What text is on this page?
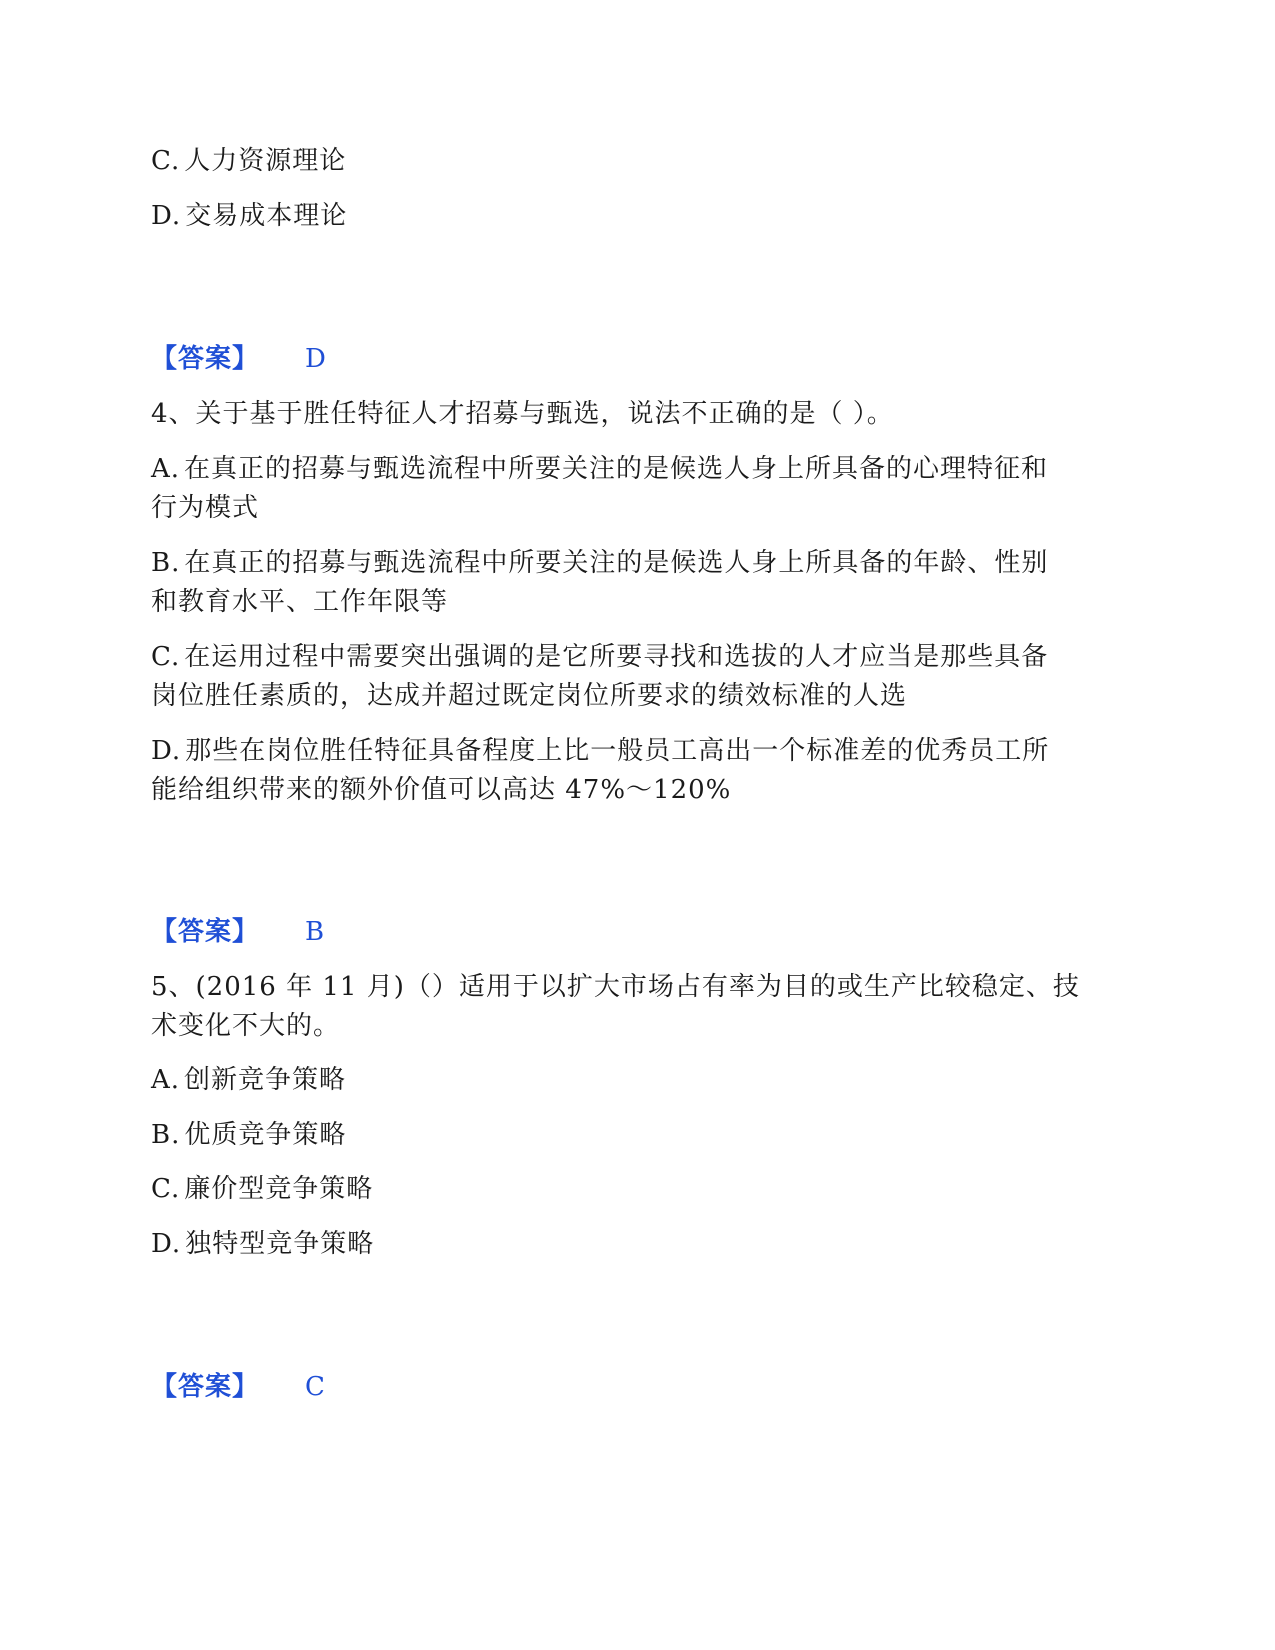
C. 人力资源理论
D. 交易成本理论
【答案】 D
4、关于基于胜任特征人才招募与甄选，说法不正确的是（ ）。
A. 在真正的招募与甄选流程中所要关注的是候选人身上所具备的心理特征和
行为模式
B. 在真正的招募与甄选流程中所要关注的是候选人身上所具备的年龄、性别
和教育水平、工作年限等
C. 在运用过程中需要突出强调的是它所要寻找和选拔的人才应当是那些具备
岗位胜任素质的，达成并超过既定岗位所要求的绩效标准的人选
D. 那些在岗位胜任特征具备程度上比一般员工高出一个标准差的优秀员工所
能给组织带来的额外价值可以高达 47%～120%
【答案】 B
5、(2016 年 11 月)（）适用于以扩大市场占有率为目的或生产比较稳定、技
术变化不大的。
A. 创新竞争策略
B. 优质竞争策略
C. 廉价型竞争策略
D. 独特型竞争策略
【答案】 C
